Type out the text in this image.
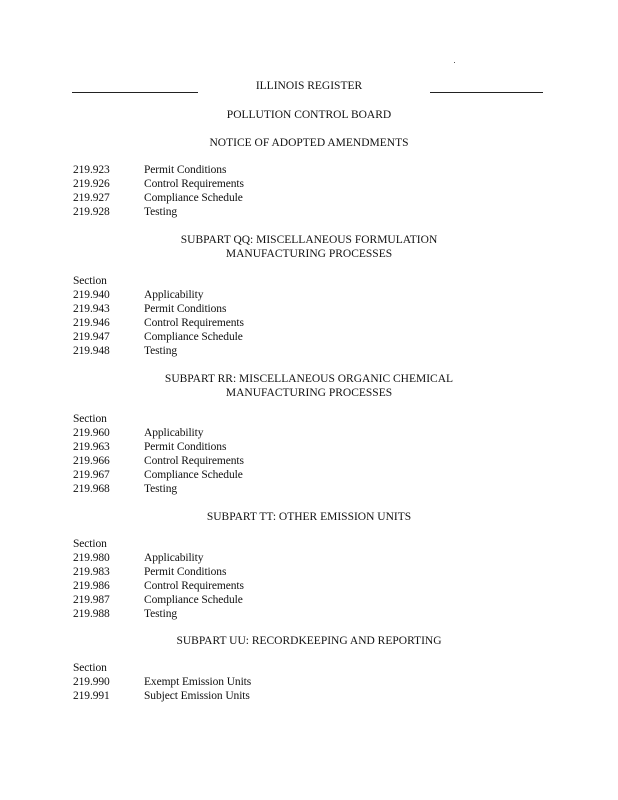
ILLINOIS REGISTER
POLLUTION CONTROL BOARD
NOTICE OF ADOPTED AMENDMENTS
219.923	Permit Conditions
219.926	Control Requirements
219.927	Compliance Schedule
219.928	Testing
SUBPART QQ: MISCELLANEOUS FORMULATION
MANUFACTURING PROCESSES
Section
219.940	Applicability
219.943	Permit Conditions
219.946	Control Requirements
219.947	Compliance Schedule
219.948	Testing
SUBPART RR: MISCELLANEOUS ORGANIC CHEMICAL
MANUFACTURING PROCESSES
Section
219.960	Applicability
219.963	Permit Conditions
219.966	Control Requirements
219.967	Compliance Schedule
219.968	Testing
SUBPART TT: OTHER EMISSION UNITS
Section
219.980	Applicability
219.983	Permit Conditions
219.986	Control Requirements
219.987	Compliance Schedule
219.988	Testing
SUBPART UU: RECORDKEEPING AND REPORTING
Section
219.990	Exempt Emission Units
219.991	Subject Emission Units
